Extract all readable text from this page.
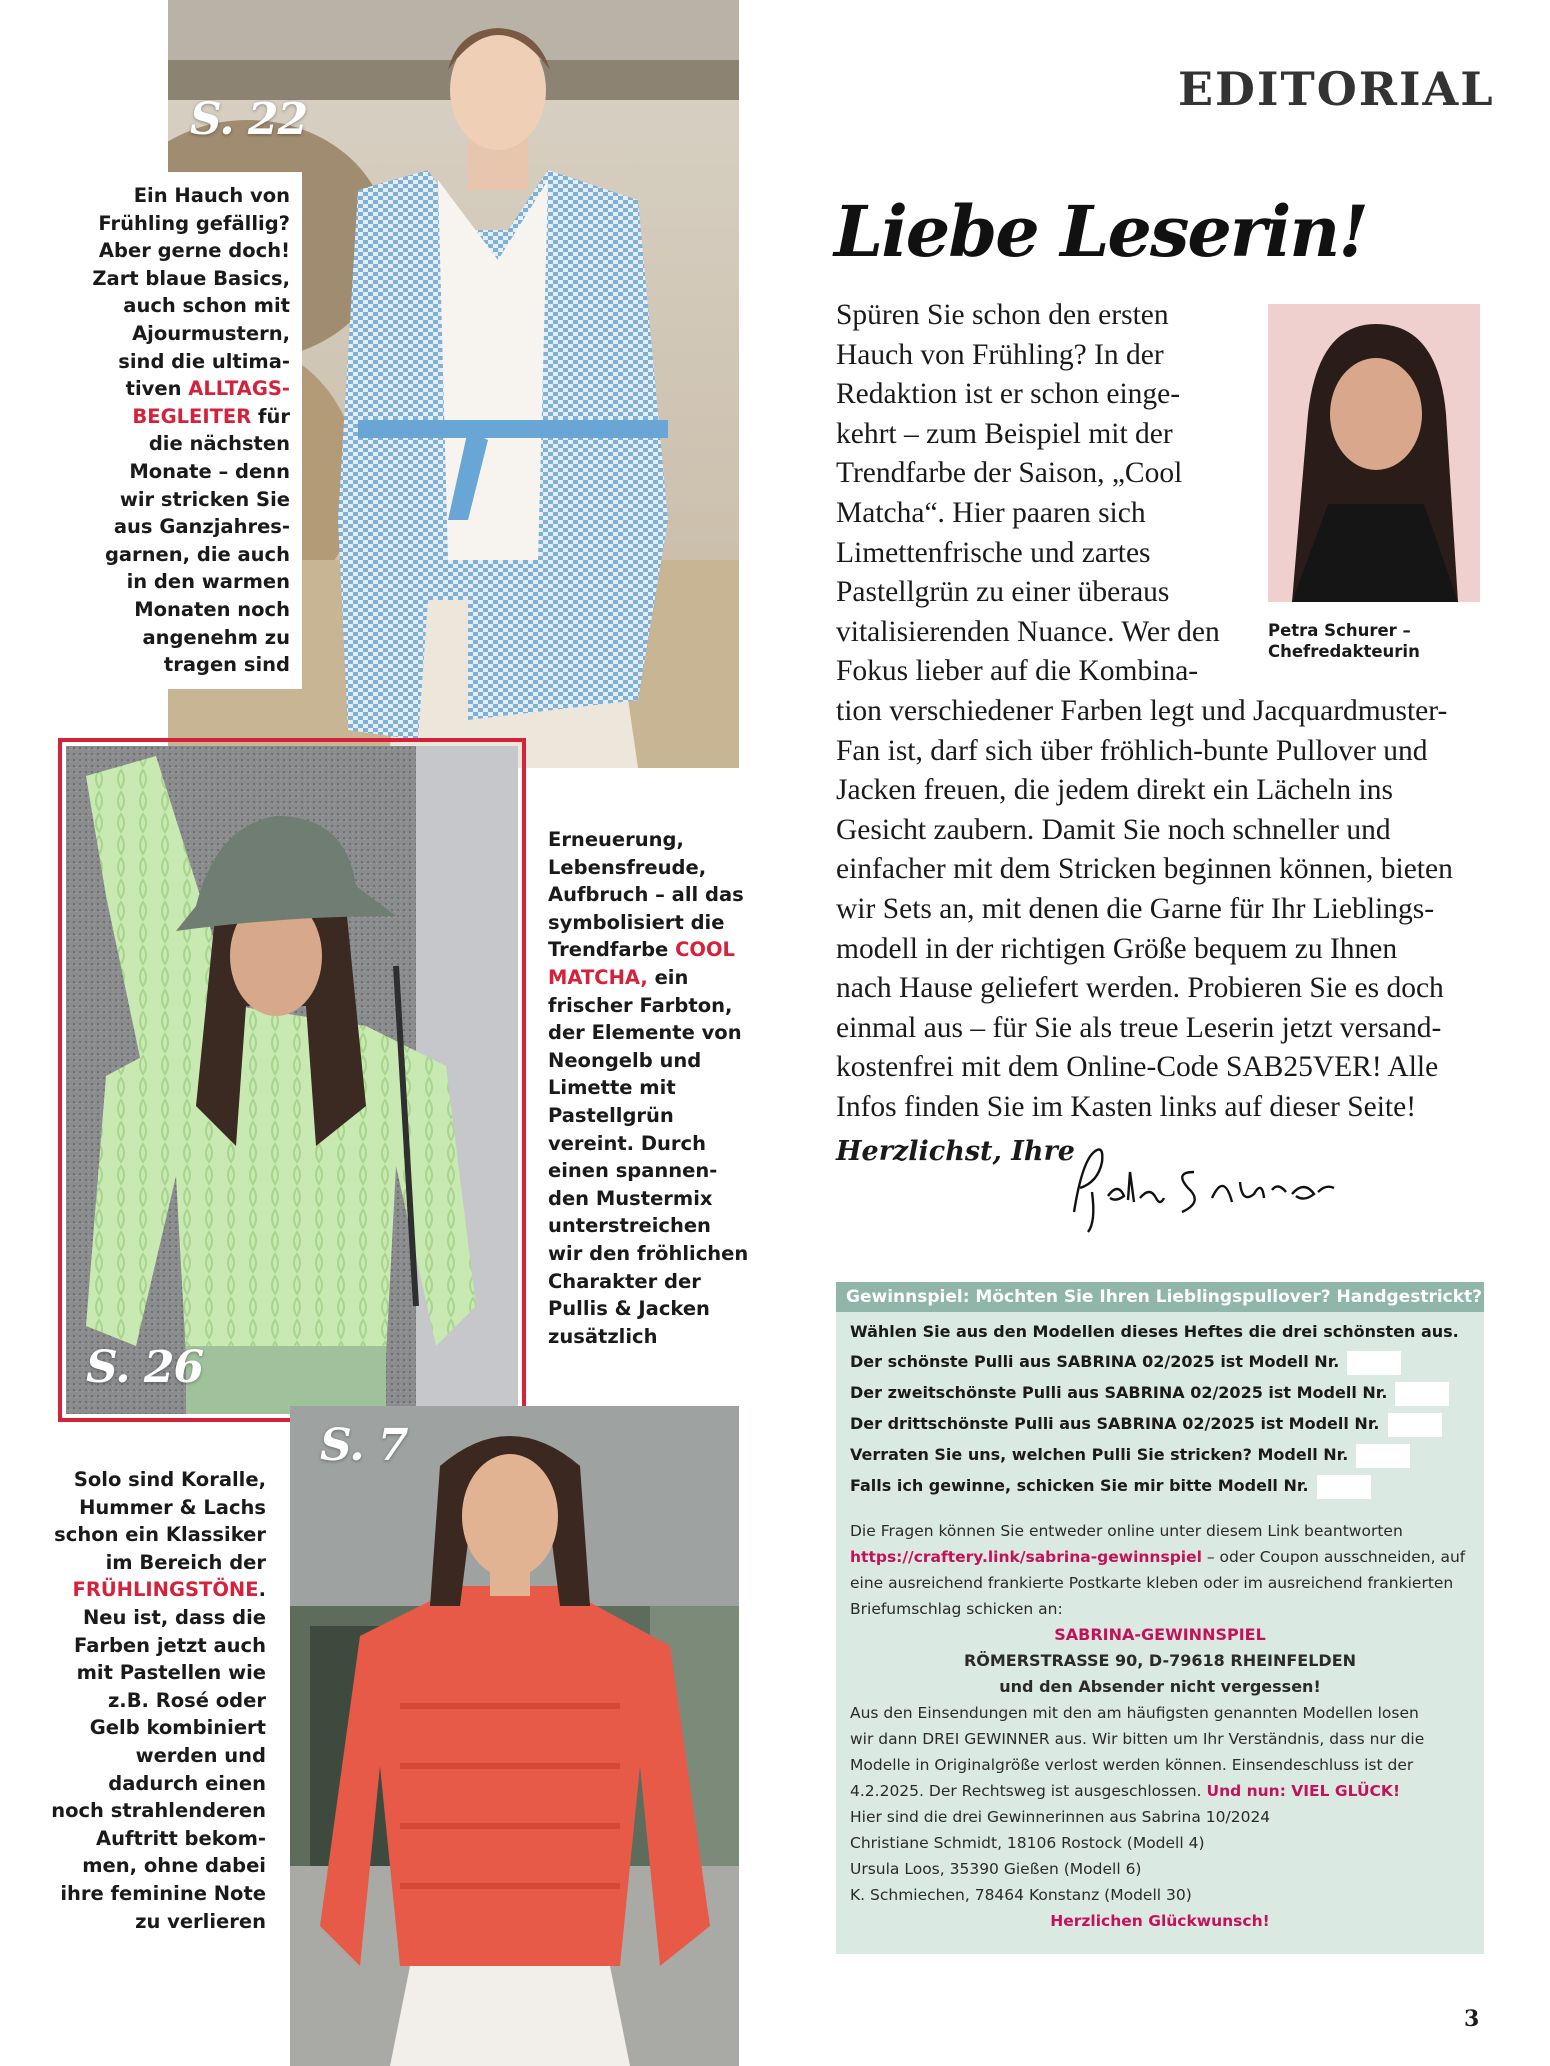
S. 22
Ein Hauch von
Frühling gefällig?
Aber gerne doch!
Zart blaue Basics,
auch schon mit
Ajourmustern,
sind die ultima-
tiven ALLTAGS-
BEGLEITER für
die nächsten
Monate – denn
wir stricken Sie
aus Ganzjahres-
garnen, die auch
in den warmen
Monaten noch
angenehm zu
tragen sind
S. 26
Erneuerung,
Lebensfreude,
Aufbruch – all das
symbolisiert die
Trendfarbe COOL
MATCHA, ein
frischer Farbton,
der Elemente von
Neongelb und
Limette mit
Pastellgrün
vereint. Durch
einen spannen-
den Mustermix
unterstreichen
wir den fröhlichen
Charakter der
Pullis & Jacken
zusätzlich
S. 7
Solo sind Koralle,
Hummer & Lachs
schon ein Klassiker
im Bereich der
FRÜHLINGSTÖNE.
Neu ist, dass die
Farben jetzt auch
mit Pastellen wie
z.B. Rosé oder
Gelb kombiniert
werden und
dadurch einen
noch strahlenderen
Auftritt bekom-
men, ohne dabei
ihre feminine Note
zu verlieren
EDITORIAL
Liebe Leserin!
Petra Schurer –
Chefredakteurin
Spüren Sie schon den ersten
Hauch von Frühling? In der
Redaktion ist er schon einge-
kehrt – zum Beispiel mit der
Trendfarbe der Saison, „Cool
Matcha“. Hier paaren sich
Limettenfrische und zartes
Pastellgrün zu einer überaus
vitalisierenden Nuance. Wer den
Fokus lieber auf die Kombina-
tion verschiedener Farben legt und Jacquardmuster-
Fan ist, darf sich über fröhlich-bunte Pullover und
Jacken freuen, die jedem direkt ein Lächeln ins
Gesicht zaubern. Damit Sie noch schneller und
einfacher mit dem Stricken beginnen können, bieten
wir Sets an, mit denen die Garne für Ihr Lieblings-
modell in der richtigen Größe bequem zu Ihnen
nach Hause geliefert werden. Probieren Sie es doch
einmal aus – für Sie als treue Leserin jetzt versand-
kostenfrei mit dem Online-Code SAB25VER! Alle
Infos finden Sie im Kasten links auf dieser Seite!
Herzlichst, Ihre
Gewinnspiel: Möchten Sie Ihren Lieblingspullover? Handgestrickt?
Wählen Sie aus den Modellen dieses Heftes die drei schönsten aus.
Der schönste Pulli aus SABRINA 02/2025 ist Modell Nr.
Der zweitschönste Pulli aus SABRINA 02/2025 ist Modell Nr.
Der drittschönste Pulli aus SABRINA 02/2025 ist Modell Nr.
Verraten Sie uns, welchen Pulli Sie stricken? Modell Nr.
Falls ich gewinne, schicken Sie mir bitte Modell Nr.
Die Fragen können Sie entweder online unter diesem Link beantworten
https://craftery.link/sabrina-gewinnspiel – oder Coupon ausschneiden, auf
eine ausreichend frankierte Postkarte kleben oder im ausreichend frankierten
Briefumschlag schicken an:
SABRINA-GEWINNSPIEL
RÖMERSTRASSE 90, D-79618 RHEINFELDEN
und den Absender nicht vergessen!
Aus den Einsendungen mit den am häufigsten genannten Modellen losen
wir dann DREI GEWINNER aus. Wir bitten um Ihr Verständnis, dass nur die
Modelle in Originalgröße verlost werden können. Einsendeschluss ist der
4.2.2025. Der Rechtsweg ist ausgeschlossen. Und nun: VIEL GLÜCK!
Hier sind die drei Gewinnerinnen aus Sabrina 10/2024
Christiane Schmidt, 18106 Rostock (Modell 4)
Ursula Loos, 35390 Gießen (Modell 6)
K. Schmiechen, 78464 Konstanz (Modell 30)
Herzlichen Glückwunsch!
3
